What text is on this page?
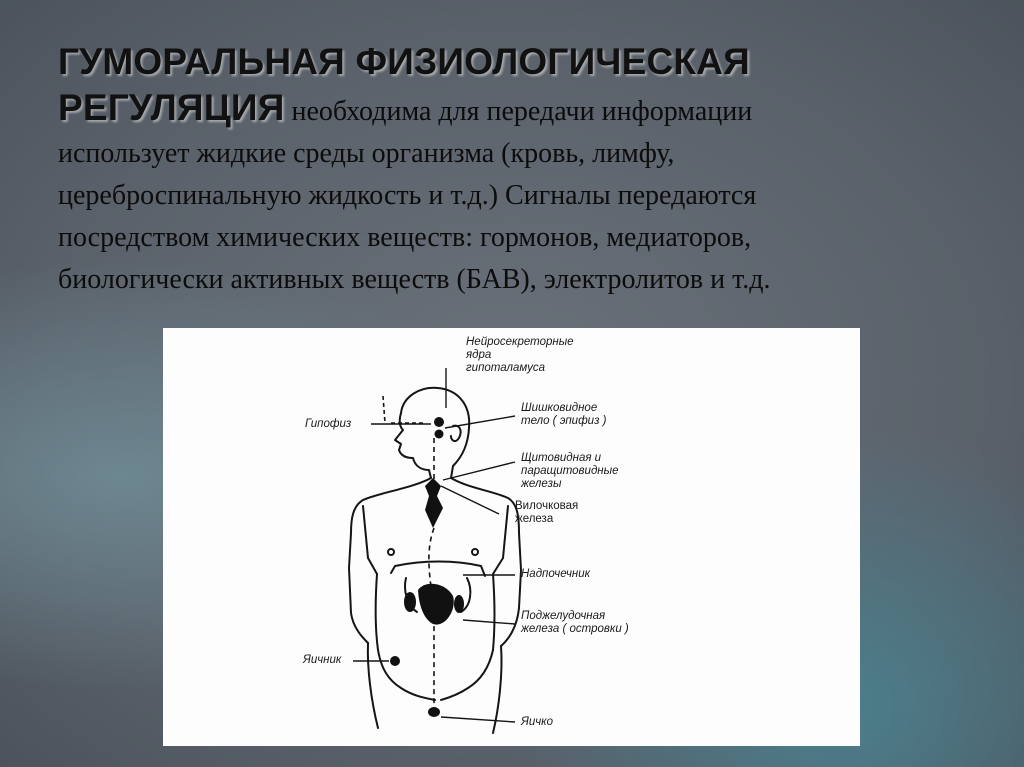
ГУМОРАЛЬНАЯ ФИЗИОЛОГИЧЕСКАЯ
РЕГУЛЯЦИЯ необходима для передачи информации
использует жидкие среды организма (кровь, лимфу,
цереброспинальную жидкость и т.д.) Сигналы передаются
посредством химических веществ: гормонов, медиаторов,
биологически активных веществ (БАВ), электролитов и т.д.
Нейросекреторные
ядра
гипоталамуса
Гипофиз
Шишковидное
тело ( эпифиз )
Щитовидная и
паращитовидные
железы
Вилочковая
железа
Надпочечник
Поджелудочная
железа ( островки )
Яичник
Яичко
